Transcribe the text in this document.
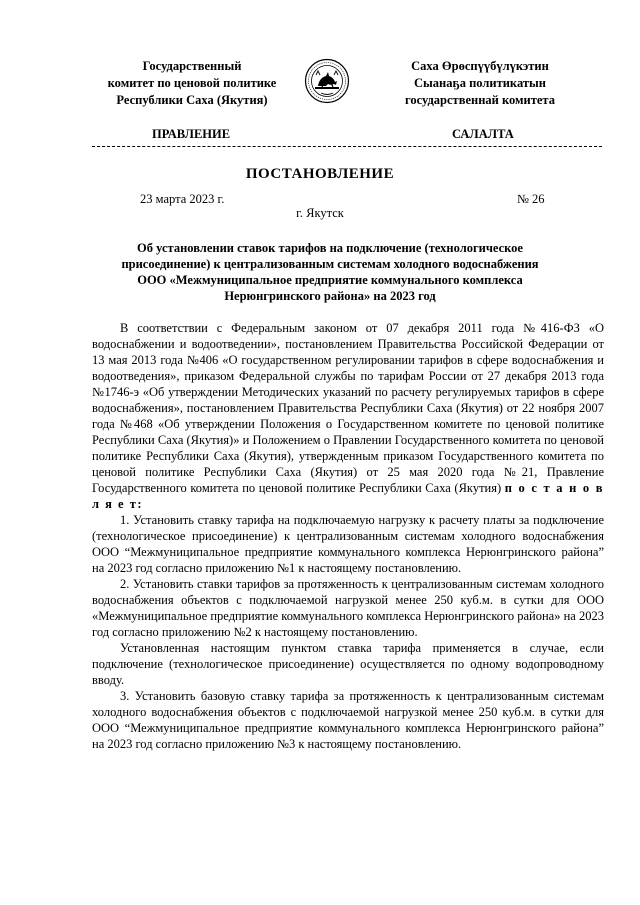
Государственный
комитет по ценовой политике
Республики Саха (Якутия)
Саха Өрөспүүбүлүкэтин
Сыанаҕа политикатын
государственнай комитета
ПРАВЛЕНИЕ	САЛАЛТА
ПОСТАНОВЛЕНИЕ
23 марта 2023 г.	№ 26
г. Якутск
Об установлении ставок тарифов на подключение (технологическое
присоединение) к централизованным системам холодного водоснабжения
ООО «Межмуниципальное предприятие коммунального комплекса
Нерюнгринского района» на 2023 год

В соответствии с Федеральным законом от 07 декабря 2011 года №416-ФЗ «О водоснабжении и водоотведении», постановлением Правительства Российской Федерации от 13 мая 2013 года №406 «О государственном регулировании тарифов в сфере водоснабжения и водоотведения», приказом Федеральной службы по тарифам России от 27 декабря 2013 года №1746-э «Об утверждении Методических указаний по расчету регулируемых тарифов в сфере водоснабжения», постановлением Правительства Республики Саха (Якутия) от 22 ноября 2007 года №468 «Об утверждении Положения о Государственном комитете по ценовой политике Республики Саха (Якутия)» и Положением о Правлении Государственного комитета по ценовой политике Республики Саха (Якутия), утвержденным приказом Государственного комитета по ценовой политике Республики Саха (Якутия) от 25 мая 2020 года №21, Правление Государственного комитета по ценовой политике Республики Саха (Якутия) п о с т а н о в л я е т:

1. Установить ставку тарифа на подключаемую нагрузку к расчету платы за подключение (технологическое присоединение) к централизованным системам холодного водоснабжения ООО “Межмуниципальное предприятие коммунального комплекса Нерюнгринского района” на 2023 год согласно приложению №1 к настоящему постановлению.

2. Установить ставки тарифов за протяженность к централизованным системам холодного водоснабжения объектов с подключаемой нагрузкой менее 250 куб.м. в сутки для ООО «Межмуниципальное предприятие коммунального комплекса Нерюнгринского района» на 2023 год согласно приложению №2 к настоящему постановлению.

Установленная настоящим пунктом ставка тарифа применяется в случае, если подключение (технологическое присоединение) осуществляется по одному водопроводному вводу.

3. Установить базовую ставку тарифа за протяженность к централизованным системам холодного водоснабжения объектов с подключаемой нагрузкой менее 250 куб.м. в сутки для ООО “Межмуниципальное предприятие коммунального комплекса Нерюнгринского района” на 2023 год согласно приложению №3 к настоящему постановлению.
